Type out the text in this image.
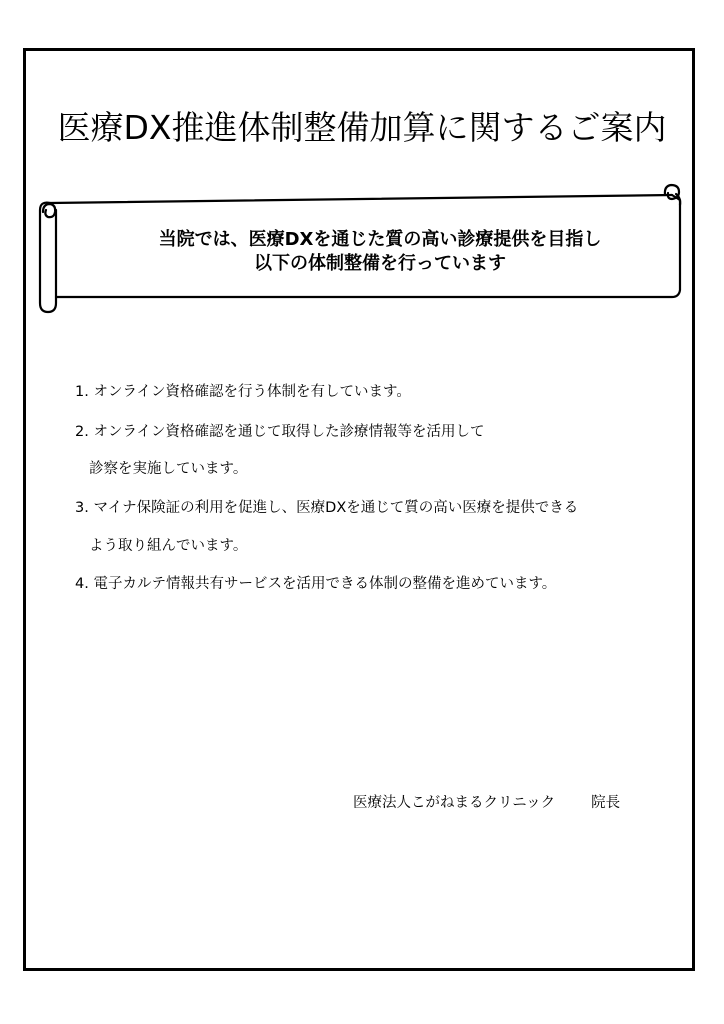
医療DX推進体制整備加算に関するご案内
当院では、医療DXを通じた質の高い診療提供を目指し
以下の体制整備を行っています
1. オンライン資格確認を行う体制を有しています。
2. オンライン資格確認を通じて取得した診療情報等を活用して
診察を実施しています。
3. マイナ保険証の利用を促進し、医療DXを通じて質の高い医療を提供できる
よう取り組んでいます。
4. 電子カルテ情報共有サービスを活用できる体制の整備を進めています。
医療法人こがねまるクリニック 院長
